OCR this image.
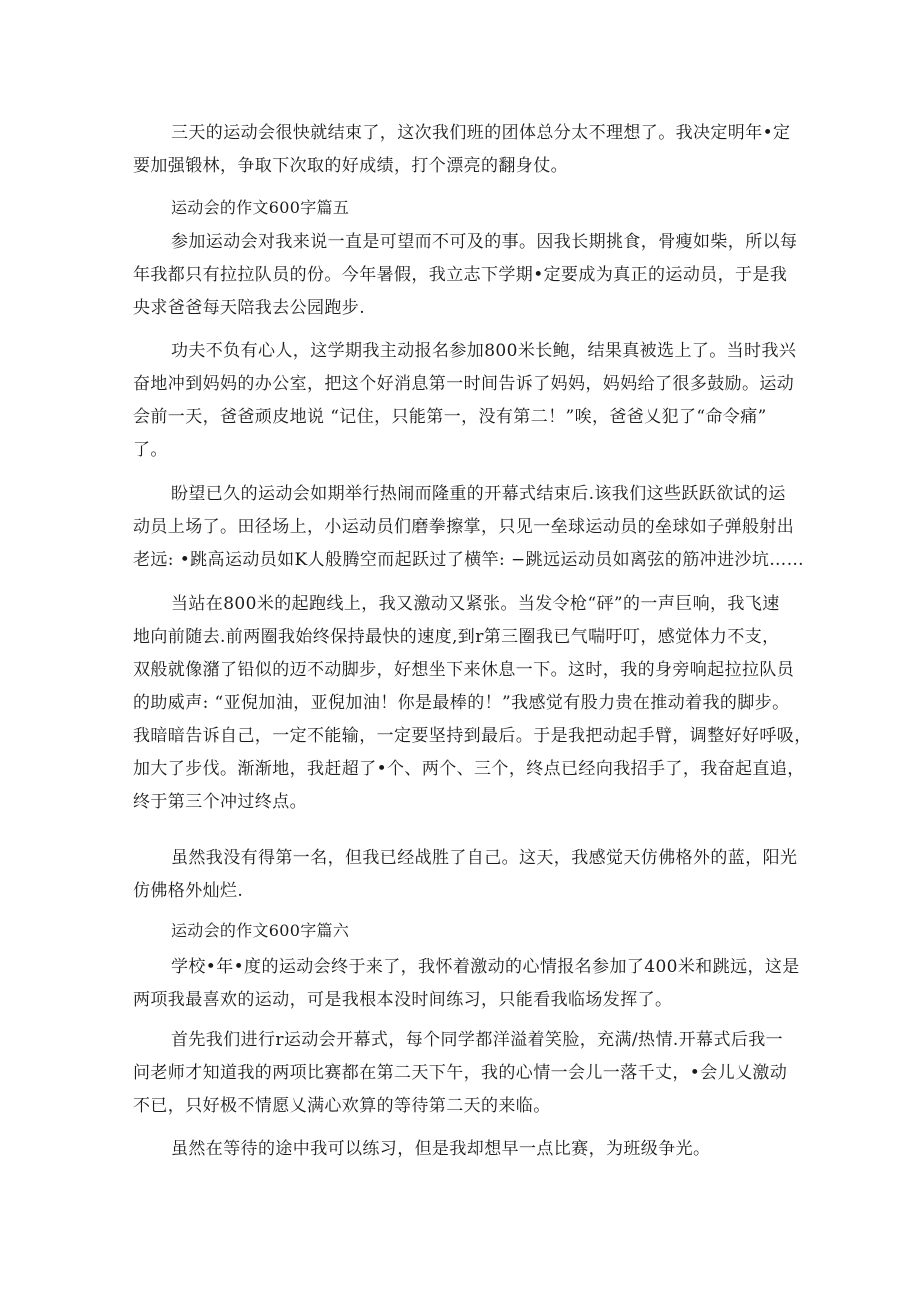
三天的运动会很快就结束了，这次我们班的团体总分太不理想了。我决定明年•定
要加强锻林，争取下次取的好成绩，打个漂亮的翻身仗。
运动会的作文600字篇五
参加运动会对我来说一直是可望而不可及的事。因我长期挑食，骨瘦如柴，所以每
年我都只有拉拉队员的份。今年暑假，我立志下学期•定要成为真正的运动员，于是我
央求爸爸每天陪我去公园跑步.
功夫不负有心人，这学期我主动报名参加800米长鲍，结果真被选上了。当时我兴
奋地冲到妈妈的办公室，把这个好消息第一时间告诉了妈妈，妈妈给了很多鼓励。运动
会前一天，爸爸顽皮地说 “记住，只能第一，没有第二！”唉，爸爸乂犯了“命令痛”
了。
盼望已久的运动会如期举行热闹而隆重的开幕式结束后.该我们这些跃跃欲试的运
动员上场了。田径场上，小运动员们磨拳擦掌，只见一垒球运动员的垒球如子弹般射出
老远: •跳高运动员如K人般腾空而起跃过了横竿: −跳远运动员如离弦的筋冲进沙坑……
当站在800米的起跑线上，我又激动又紧张。当发令枪“砰”的一声巨响，我飞速
地向前随去.前两圈我始终保持最快的速度,到r第三圈我已气喘吁叮，感觉体力不支，
双般就像潴了铅似的迈不动脚步，好想坐下来休息一下。这时，我的身旁响起拉拉队员
的助威声: “亚倪加油，亚倪加油！你是最棒的！”我感觉有股力贵在推动着我的脚步。
我暗暗告诉自己，一定不能输，一定要坚持到最后。于是我把动起手臂，调整好好呼吸，
加大了步伐。渐渐地，我赶超了•个、两个、三个，终点已经向我招手了，我奋起直追，
终于第三个冲过终点。
虽然我没有得第一名，但我已经战胜了自己。这天，我感觉天仿佛格外的蓝，阳光
仿佛格外灿烂.
运动会的作文600字篇六
学校•年•度的运动会终于来了，我怀着激动的心情报名参加了400米和跳远，这是
两项我最喜欢的运动，可是我根本没时间练习，只能看我临场发挥了。
首先我们进行r运动会开幕式，每个同学都洋溢着笑脸，充满/热情.开幕式后我一
问老师才知道我的两项比赛都在第二天下午，我的心情一会儿一落千丈，•会儿乂激动
不已，只好极不情愿乂满心欢算的等待第二天的来临。
虽然在等待的途中我可以练习，但是我却想早一点比赛，为班级争光。
